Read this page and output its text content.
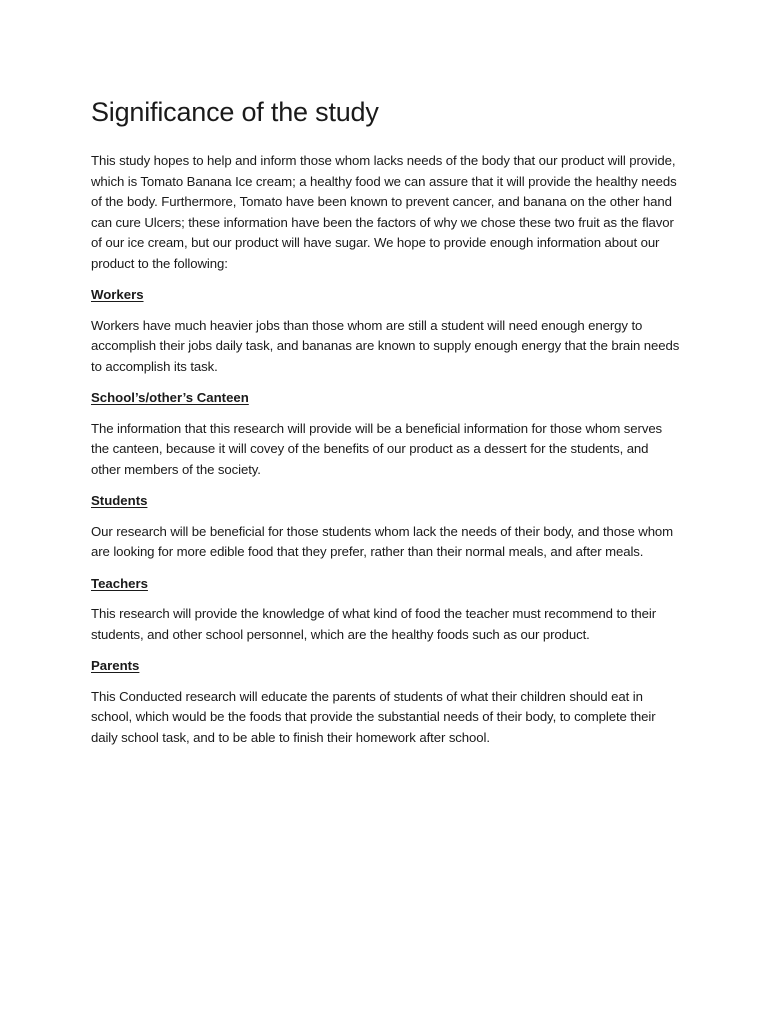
Significance of the study

This study hopes to help and inform those whom lacks needs of the body that our product will provide, which is Tomato Banana Ice cream; a healthy food we can assure that it will provide the healthy needs of the body. Furthermore, Tomato have been known to prevent cancer, and banana on the other hand can cure Ulcers; these information have been the factors of why we chose these two fruit as the flavor of our ice cream, but our product will have sugar. We hope to provide enough information about our product to the following:

Workers

Workers have much heavier jobs than those whom are still a student will need enough energy to accomplish their jobs daily task, and bananas are known to supply enough energy that the brain needs to accomplish its task.

School’s/other’s Canteen

The information that this research will provide will be a beneficial information for those whom serves the canteen, because it will covey of the benefits of our product as a dessert for the students, and other members of the society.

Students

Our research will be beneficial for those students whom lack the needs of their body, and those whom are looking for more edible food that they prefer, rather than their normal meals, and after meals.

Teachers

This research will provide the knowledge of what kind of food the teacher must recommend to their students, and other school personnel, which are the healthy foods such as our product.

Parents

This Conducted research will educate the parents of students of what their children should eat in school, which would be the foods that provide the substantial needs of their body, to complete their daily school task, and to be able to finish their homework after school.
